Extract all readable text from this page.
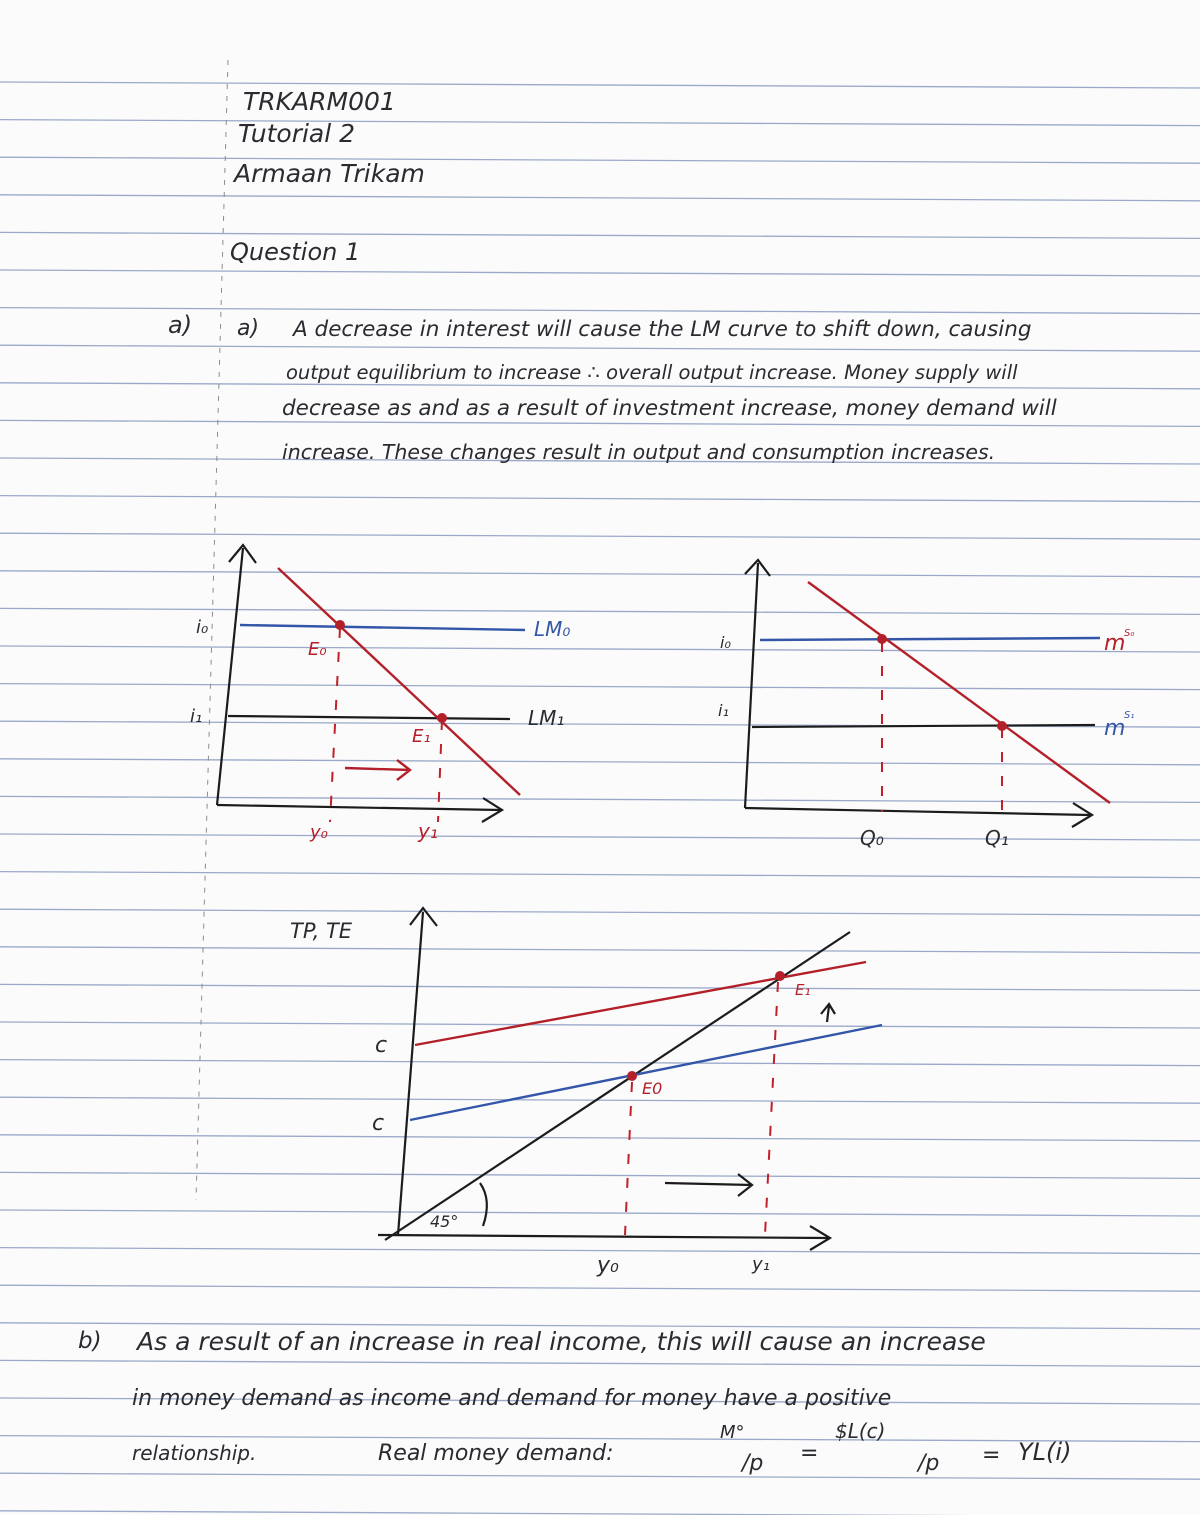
TRKARM001
Tutorial 2
Armaan Trikam
Question 1
a) a) A decrease in interest will cause the LM curve to shift down, causing
output equilibrium to increase ∴ overall output increase. Money supply will
decrease as and as a result of investment increase, money demand will
increase. These changes result in output and consumption increases.
i₀
i₁
LM₀
LM₁
E₀
E₁
y₀	y₁
i₀
i₁
m
S₀
m
S₁
Q₀	Q₁
TP, TE
c
c
E0
E₁
45°
y₀	y₁
b) As a result of an increase in real income, this will cause an increase
in money demand as income and demand for money have a positive
relationship.	Real money demand:
M°
/p =
$L(c)
/p = YL(i)
